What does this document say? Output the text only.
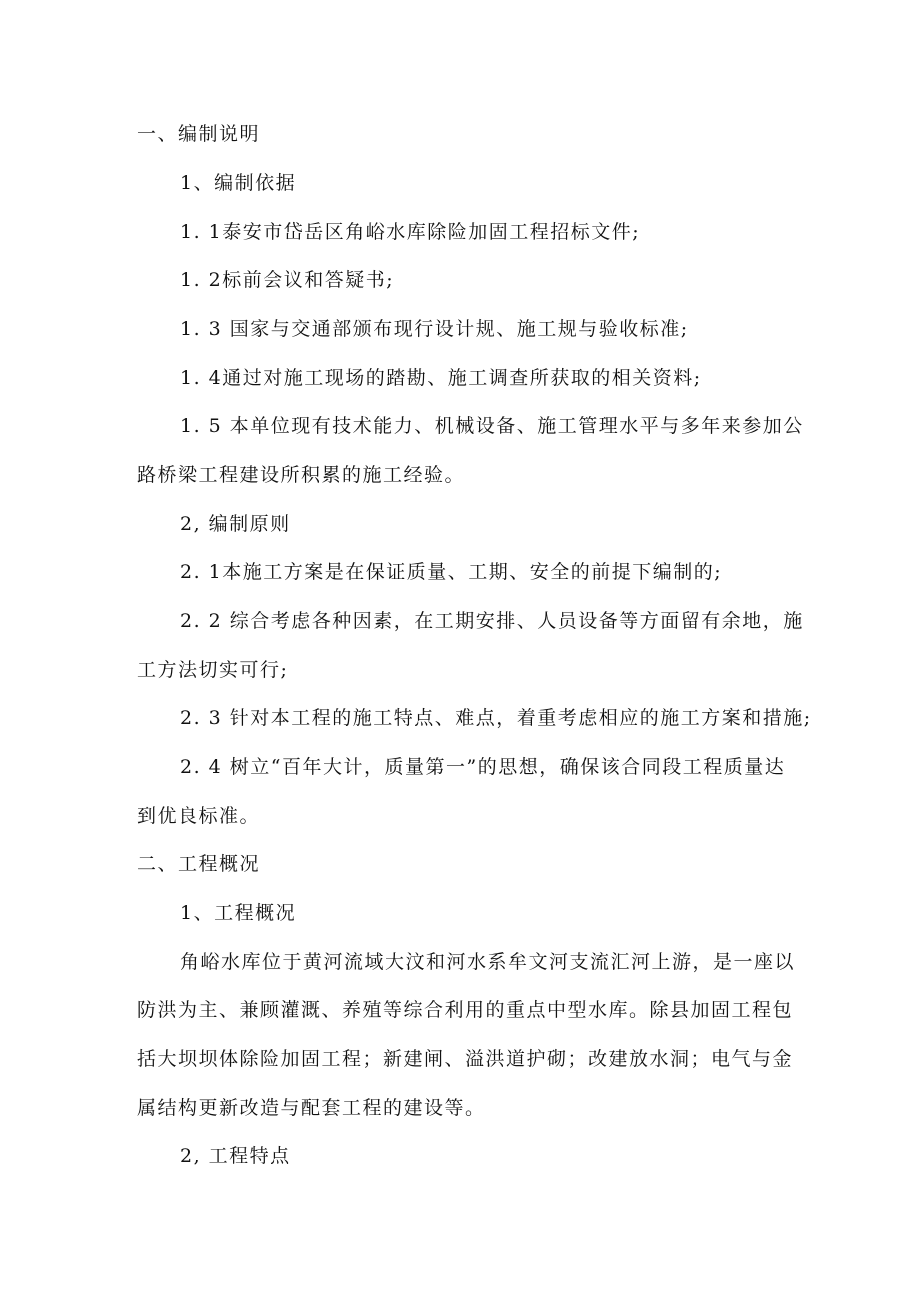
一、编制说明
1、编制依据
1. 1泰安市岱岳区角峪水库除险加固工程招标文件;
1. 2标前会议和答疑书;
1. 3 国家与交通部颁布现行设计规、施工规与验收标准;
1. 4通过对施工现场的踏勘、施工调查所获取的相关资料;
1. 5 本单位现有技术能力、机械设备、施工管理水平与多年来参加公
路桥梁工程建设所积累的施工经验。
2, 编制原则
2. 1本施工方案是在保证质量、工期、安全的前提下编制的;
2. 2 综合考虑各种因素，在工期安排、人员设备等方面留有余地，施
工方法切实可行;
2. 3 针对本工程的施工特点、难点，着重考虑相应的施工方案和措施;
2. 4 树立“百年大计，质量第一”的思想，确保该合同段工程质量达
到优良标准。
二、工程概况
1、工程概况
角峪水库位于黄河流域大汶和河水系牟文河支流汇河上游，是一座以
防洪为主、兼顾灌溉、养殖等综合利用的重点中型水库。除县加固工程包
括大坝坝体除险加固工程；新建闸、溢洪道护砌；改建放水洞；电气与金
属结构更新改造与配套工程的建设等。
2, 工程特点
